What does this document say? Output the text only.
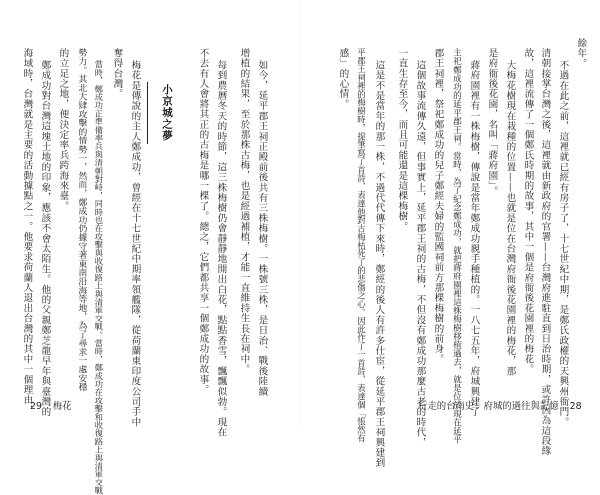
餘年。
不過在此之前，這裡就已經有房子了，十七世紀中期，是鄭氏政權的天興州衙門。
清朝接掌台灣之後，這裡就由新政府的官署——台灣府進駐直到日治時期，或許因為這段緣
故，這裡流傳了一個鄭氏時期的故事，其中一個是府衙後花園裡的梅花。
大梅花樹現在栽種的位置——也就是位在台灣府衙後花園裡的梅花，那
是府衙後花園，名叫「蔣府園」。
蔣府園裡有一株梅樹，傳說是當年鄭成功親手種植的。一八七五年，府城興建了
主祀鄭成功的延平郡王祠。當時，為了紀念鄭成功，就把蔣府園裡這株梅樹移植過去，就是位於現在延平
郡王祠裡，祭祀鄭成功的兒子鄭經夫婦的監國祠前方那棵梅樹的前身。
這個故事流傳久遠，但事實上，延平郡王祠的古梅，不但沒有鄭成功那麼古老的時代，
一直生存至今，而且可能還是這棵梅樹。
這是不是當年的那一株，不過代代傳下來時，鄭經的後人有許多仕宦，從延平郡王祠興建到
平郡王祠裡的梅樹時，提筆寫了首詩，表達他對古梅枯死了的悲傷之心。因此作了一首詩，表達個「悵然有
感」的心情。
如今，延平郡王祠正殿前後共有三株梅樹。一株號三株，是日治、戰後陸續
增植的結果，至於那株古梅，也是經過補植，才能一直維持生長在祠中。
每到農曆冬天的時節，這三株梅樹仍會靜靜地開出白花，點點香雪，飄飄似勃。現在
不去有人會將其正的古梅是哪一棵了。總之，它們都共享一個鄭成功的故事。
小京城之夢
梅花是傳說的主人鄭成功，曾經在十七世紀中期率領艦隊，從荷蘭東印度公司手中
奪得台灣。
當時，鄭成功正準備率兵與清朝對峙，同時也在攻擊與收復路上與清軍交戰。當時，鄭成功在攻擊和收復路上與清軍交戰
勢力。其北大肆攻擊的情勢一，然而，鄭成功仍據守著東南沿海等地，為了尋求一處安穩
的立足之地，便決定率兵跨海來臺。
鄭成功對台灣這塊土地的印象，應該不會太陌生。他的父親鄭芝龍早年與臺灣的
海域時，台灣就是主要的活動據點之一。他要求荷蘭人退出台灣的其中一個理由，
29 梅花	行走的台南史：府城的過往與記憶 28
